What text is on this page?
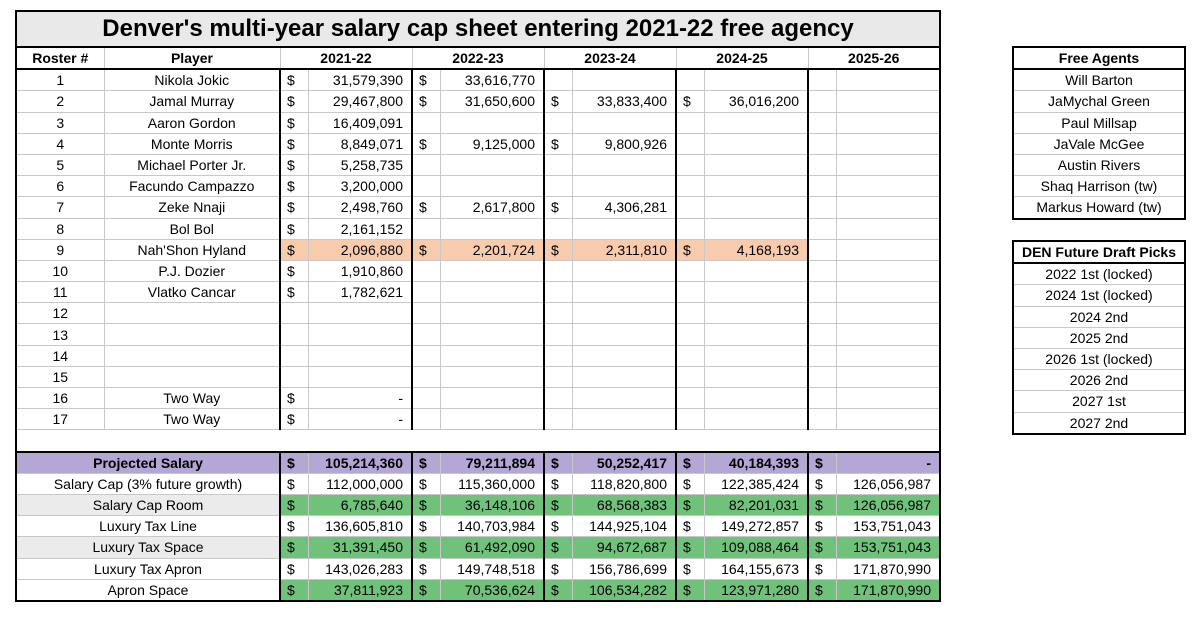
Denver's multi-year salary cap sheet entering 2021-22 free agency											
Roster #	Player	2021-22		2022-23		2023-24		2024-25		2025-26	
1	Nikola Jokic	$	31,579,390	$	33,616,770						
2	Jamal Murray	$	29,467,800	$	31,650,600	$	33,833,400	$	36,016,200		
3	Aaron Gordon	$	16,409,091								
4	Monte Morris	$	8,849,071	$	9,125,000	$	9,800,926				
5	Michael Porter Jr.	$	5,258,735								
6	Facundo Campazzo	$	3,200,000								
7	Zeke Nnaji	$	2,498,760	$	2,617,800	$	4,306,281				
8	Bol Bol	$	2,161,152								
9	Nah'Shon Hyland	$	2,096,880	$	2,201,724	$	2,311,810	$	4,168,193		
10	P.J. Dozier	$	1,910,860								
11	Vlatko Cancar	$	1,782,621								
12											
13											
14											
15											
16	Two Way	$	-								
17	Two Way	$	-								

Projected Salary		$	105,214,360	$	79,211,894	$	50,252,417	$	40,184,393	$	-
Salary Cap (3% future growth)		$	112,000,000	$	115,360,000	$	118,820,800	$	122,385,424	$	126,056,987
Salary Cap Room		$	6,785,640	$	36,148,106	$	68,568,383	$	82,201,031	$	126,056,987
Luxury Tax Line		$	136,605,810	$	140,703,984	$	144,925,104	$	149,272,857	$	153,751,043
Luxury Tax Space		$	31,391,450	$	61,492,090	$	94,672,687	$	109,088,464	$	153,751,043
Luxury Tax Apron		$	143,026,283	$	149,748,518	$	156,786,699	$	164,155,673	$	171,870,990
Apron Space		$	37,811,923	$	70,536,624	$	106,534,282	$	123,971,280	$	171,870,990
Free Agents
Will Barton
JaMychal Green
Paul Millsap
JaVale McGee
Austin Rivers
Shaq Harrison (tw)
Markus Howard (tw)
DEN Future Draft Picks
2022 1st (locked)
2024 1st (locked)
2024 2nd
2025 2nd
2026 1st (locked)
2026 2nd
2027 1st
2027 2nd
